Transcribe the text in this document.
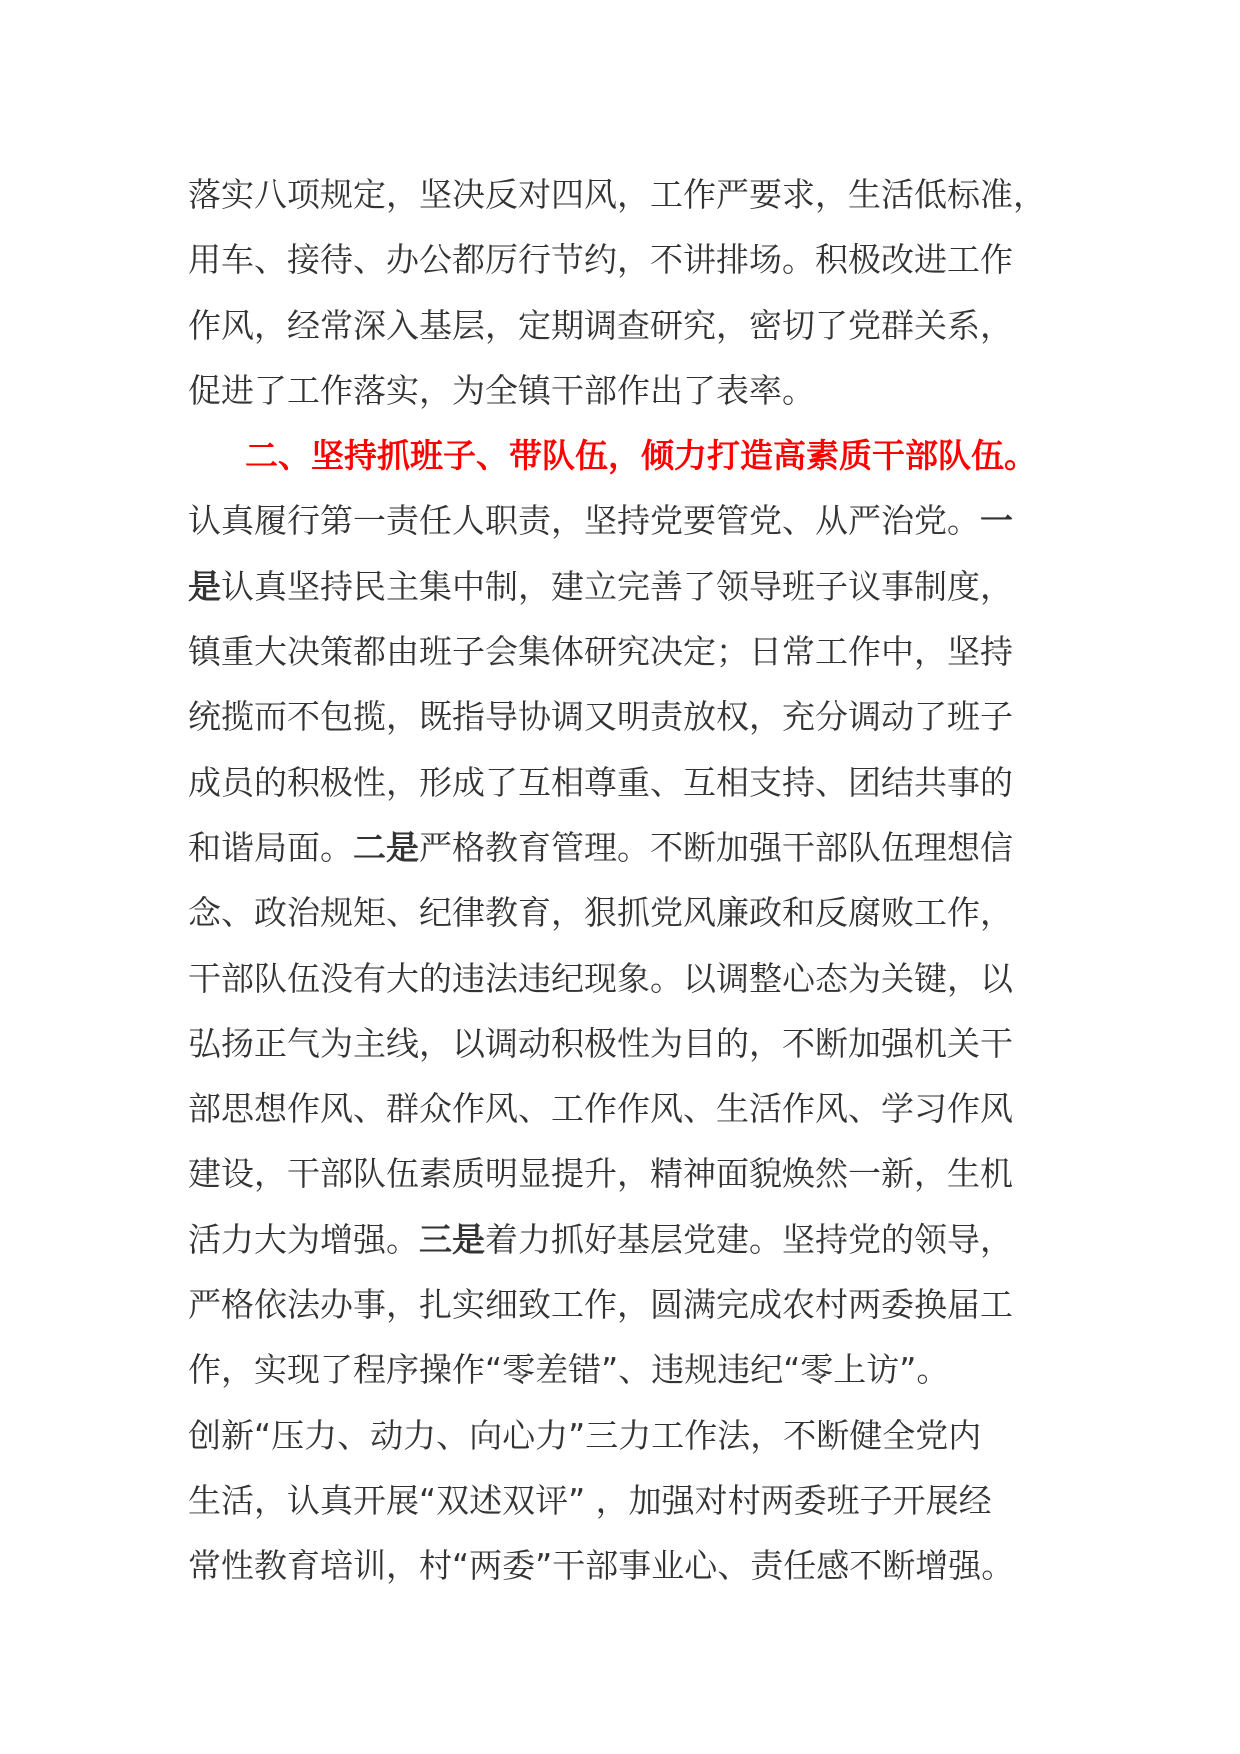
落实八项规定，坚决反对四风，工作严要求，生活低标准，
用车、接待、办公都厉行节约，不讲排场。积极改进工作
作风，经常深入基层，定期调查研究，密切了党群关系，
促进了工作落实，为全镇干部作出了表率。
二、坚持抓班子、带队伍，倾力打造高素质干部队伍。
认真履行第一责任人职责，坚持党要管党、从严治党。一
是认真坚持民主集中制，建立完善了领导班子议事制度，
镇重大决策都由班子会集体研究决定；日常工作中，坚持
统揽而不包揽，既指导协调又明责放权，充分调动了班子
成员的积极性，形成了互相尊重、互相支持、团结共事的
和谐局面。二是严格教育管理。不断加强干部队伍理想信
念、政治规矩、纪律教育，狠抓党风廉政和反腐败工作，
干部队伍没有大的违法违纪现象。以调整心态为关键，以
弘扬正气为主线，以调动积极性为目的，不断加强机关干
部思想作风、群众作风、工作作风、生活作风、学习作风
建设，干部队伍素质明显提升，精神面貌焕然一新，生机
活力大为增强。三是着力抓好基层党建。坚持党的领导，
严格依法办事，扎实细致工作，圆满完成农村两委换届工
作，实现了程序操作“零差错”、违规违纪“零上访”。
创新“压力、动力、向心力”三力工作法，不断健全党内
生活，认真开展“双述双评” ，加强对村两委班子开展经
常性教育培训，村“两委”干部事业心、责任感不断增强。
